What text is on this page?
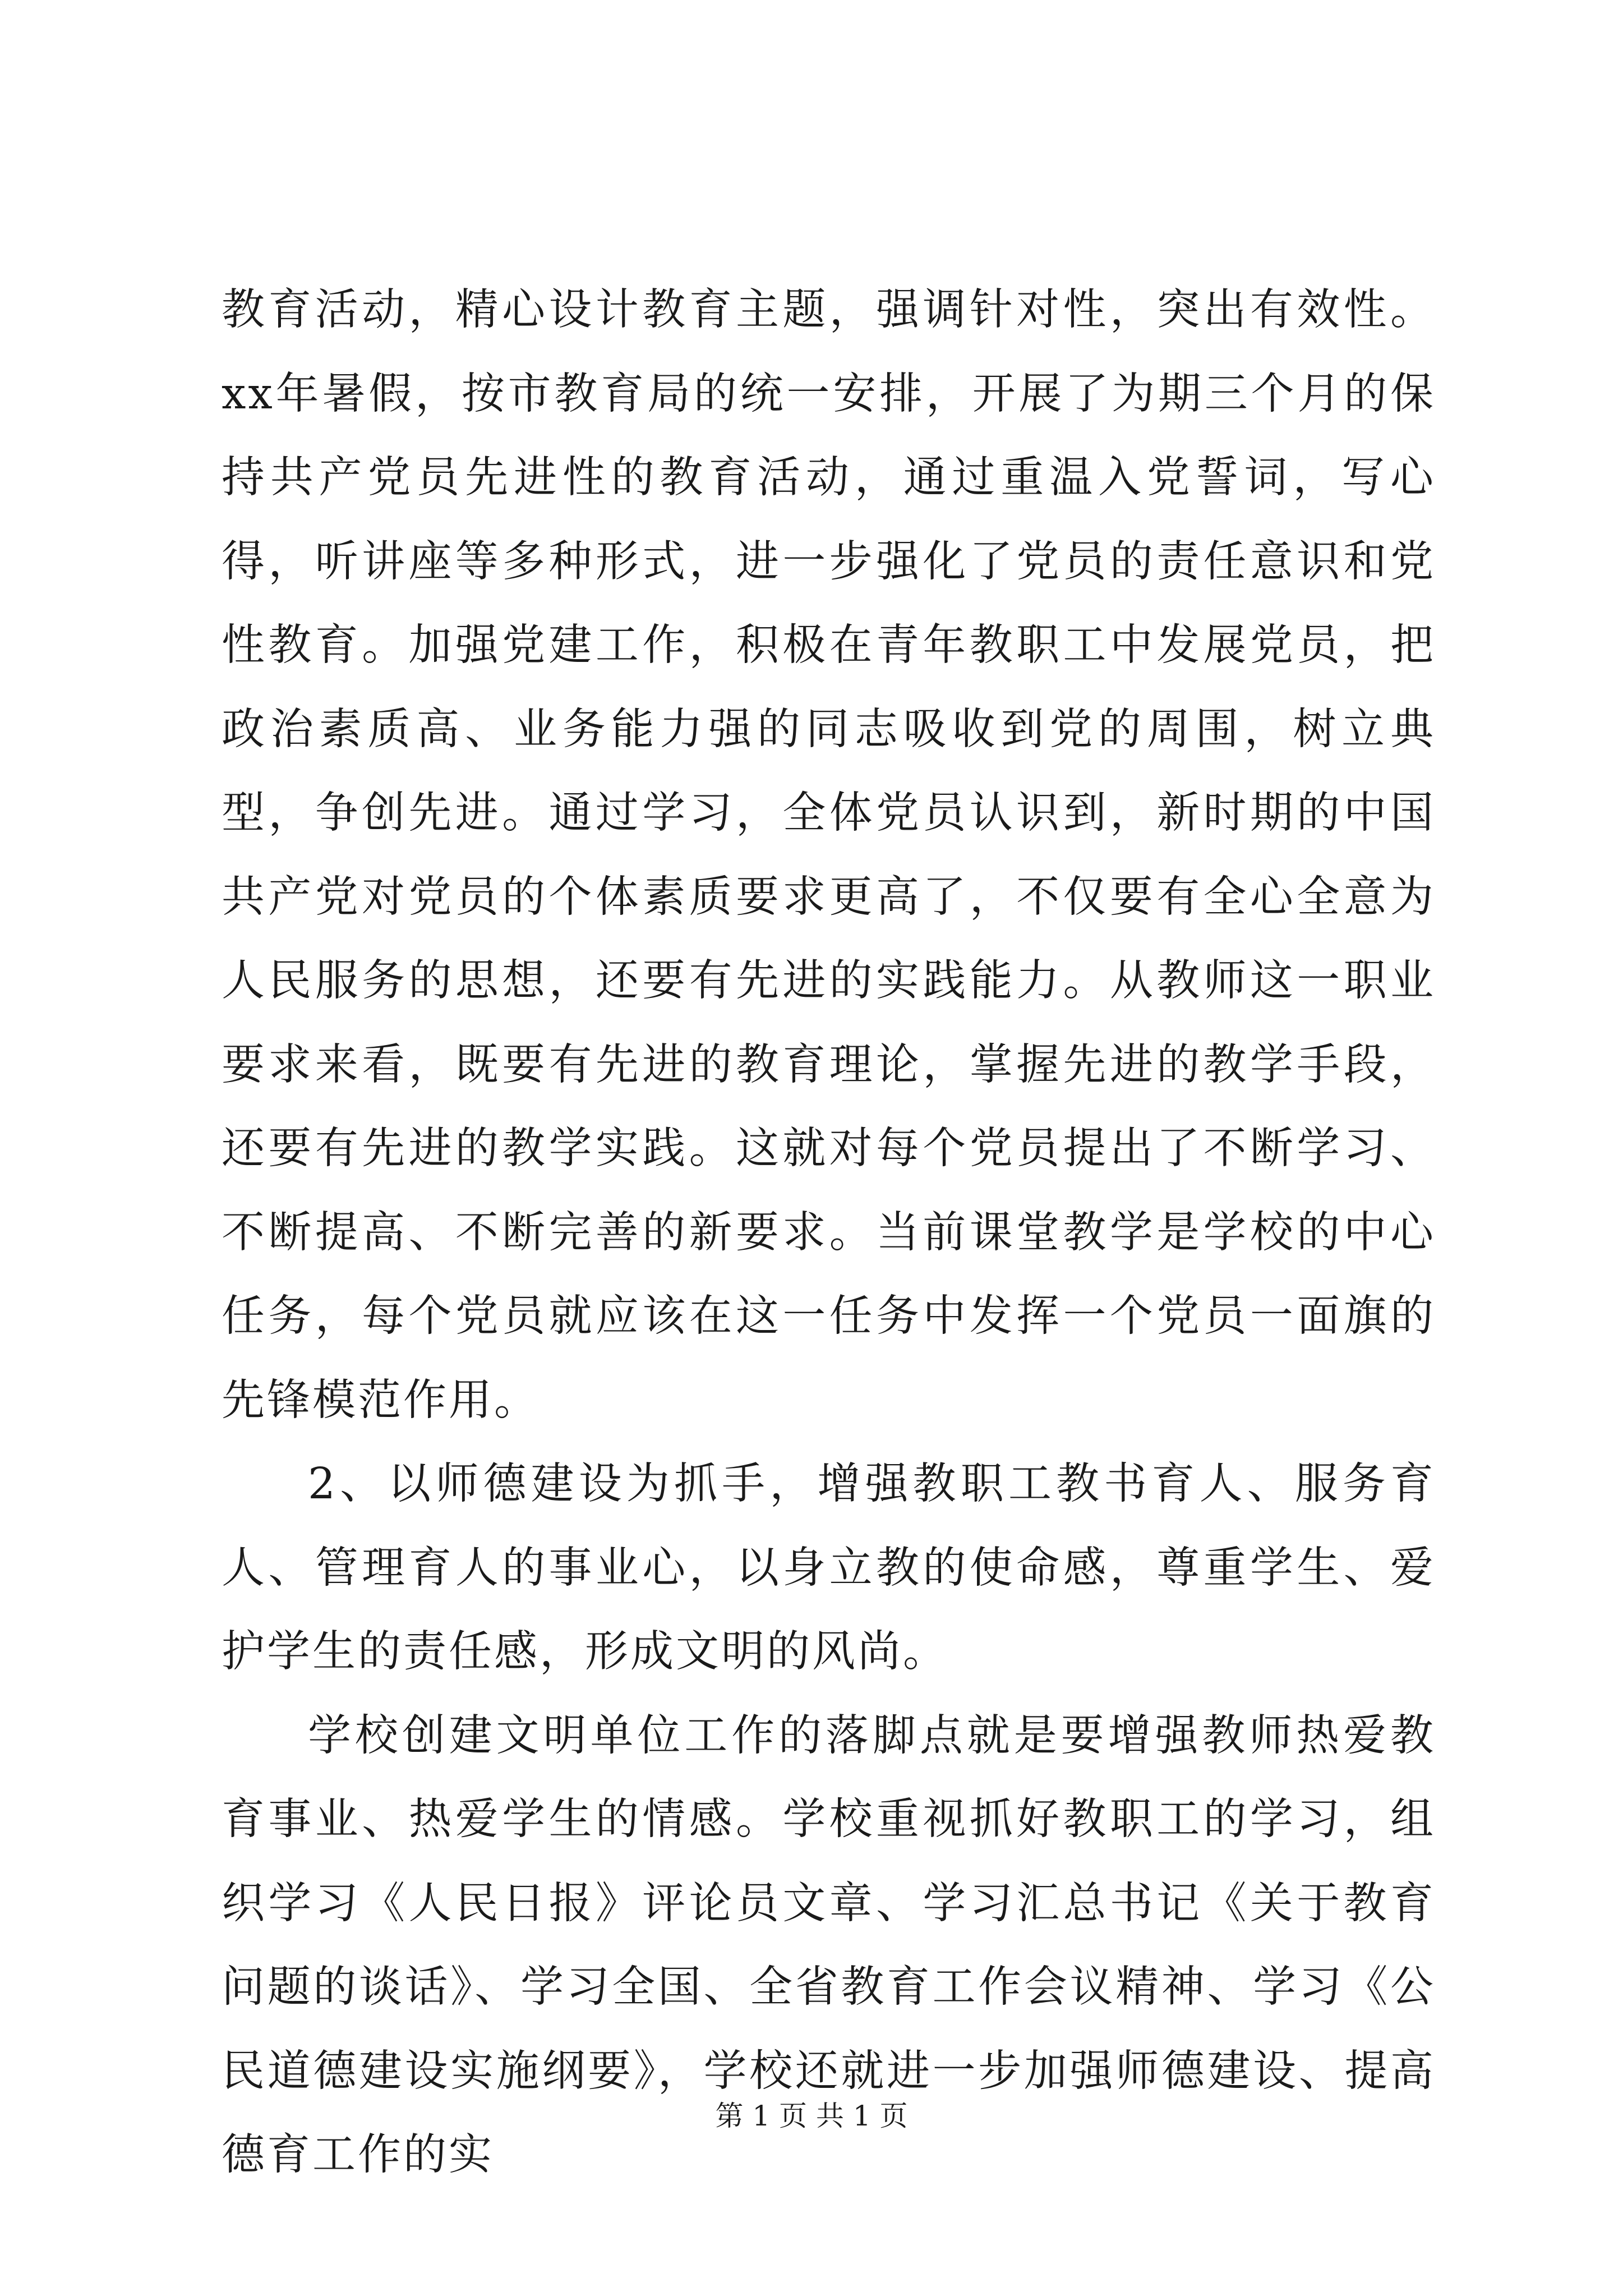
教育活动，精心设计教育主题，强调针对性，突出有效性。xx年暑假，按市教育局的统一安排，开展了为期三个月的保持共产党员先进性的教育活动，通过重温入党誓词，写心得，听讲座等多种形式，进一步强化了党员的责任意识和党性教育。加强党建工作，积极在青年教职工中发展党员，把政治素质高、业务能力强的同志吸收到党的周围，树立典型，争创先进。通过学习，全体党员认识到，新时期的中国共产党对党员的个体素质要求更高了，不仅要有全心全意为人民服务的思想，还要有先进的实践能力。从教师这一职业要求来看，既要有先进的教育理论，掌握先进的教学手段，还要有先进的教学实践。这就对每个党员提出了不断学习、不断提高、不断完善的新要求。当前课堂教学是学校的中心任务，每个党员就应该在这一任务中发挥一个党员一面旗的先锋模范作用。

2、以师德建设为抓手，增强教职工教书育人、服务育人、管理育人的事业心，以身立教的使命感，尊重学生、爱护学生的责任感，形成文明的风尚。

学校创建文明单位工作的落脚点就是要增强教师热爱教育事业、热爱学生的情感。学校重视抓好教职工的学习，组织学习《人民日报》评论员文章、学习汇总书记《关于教育问题的谈话》、学习全国、全省教育工作会议精神、学习《公民道德建设实施纲要》，学校还就进一步加强师德建设、提高德育工作的实

第 1 页 共 1 页
